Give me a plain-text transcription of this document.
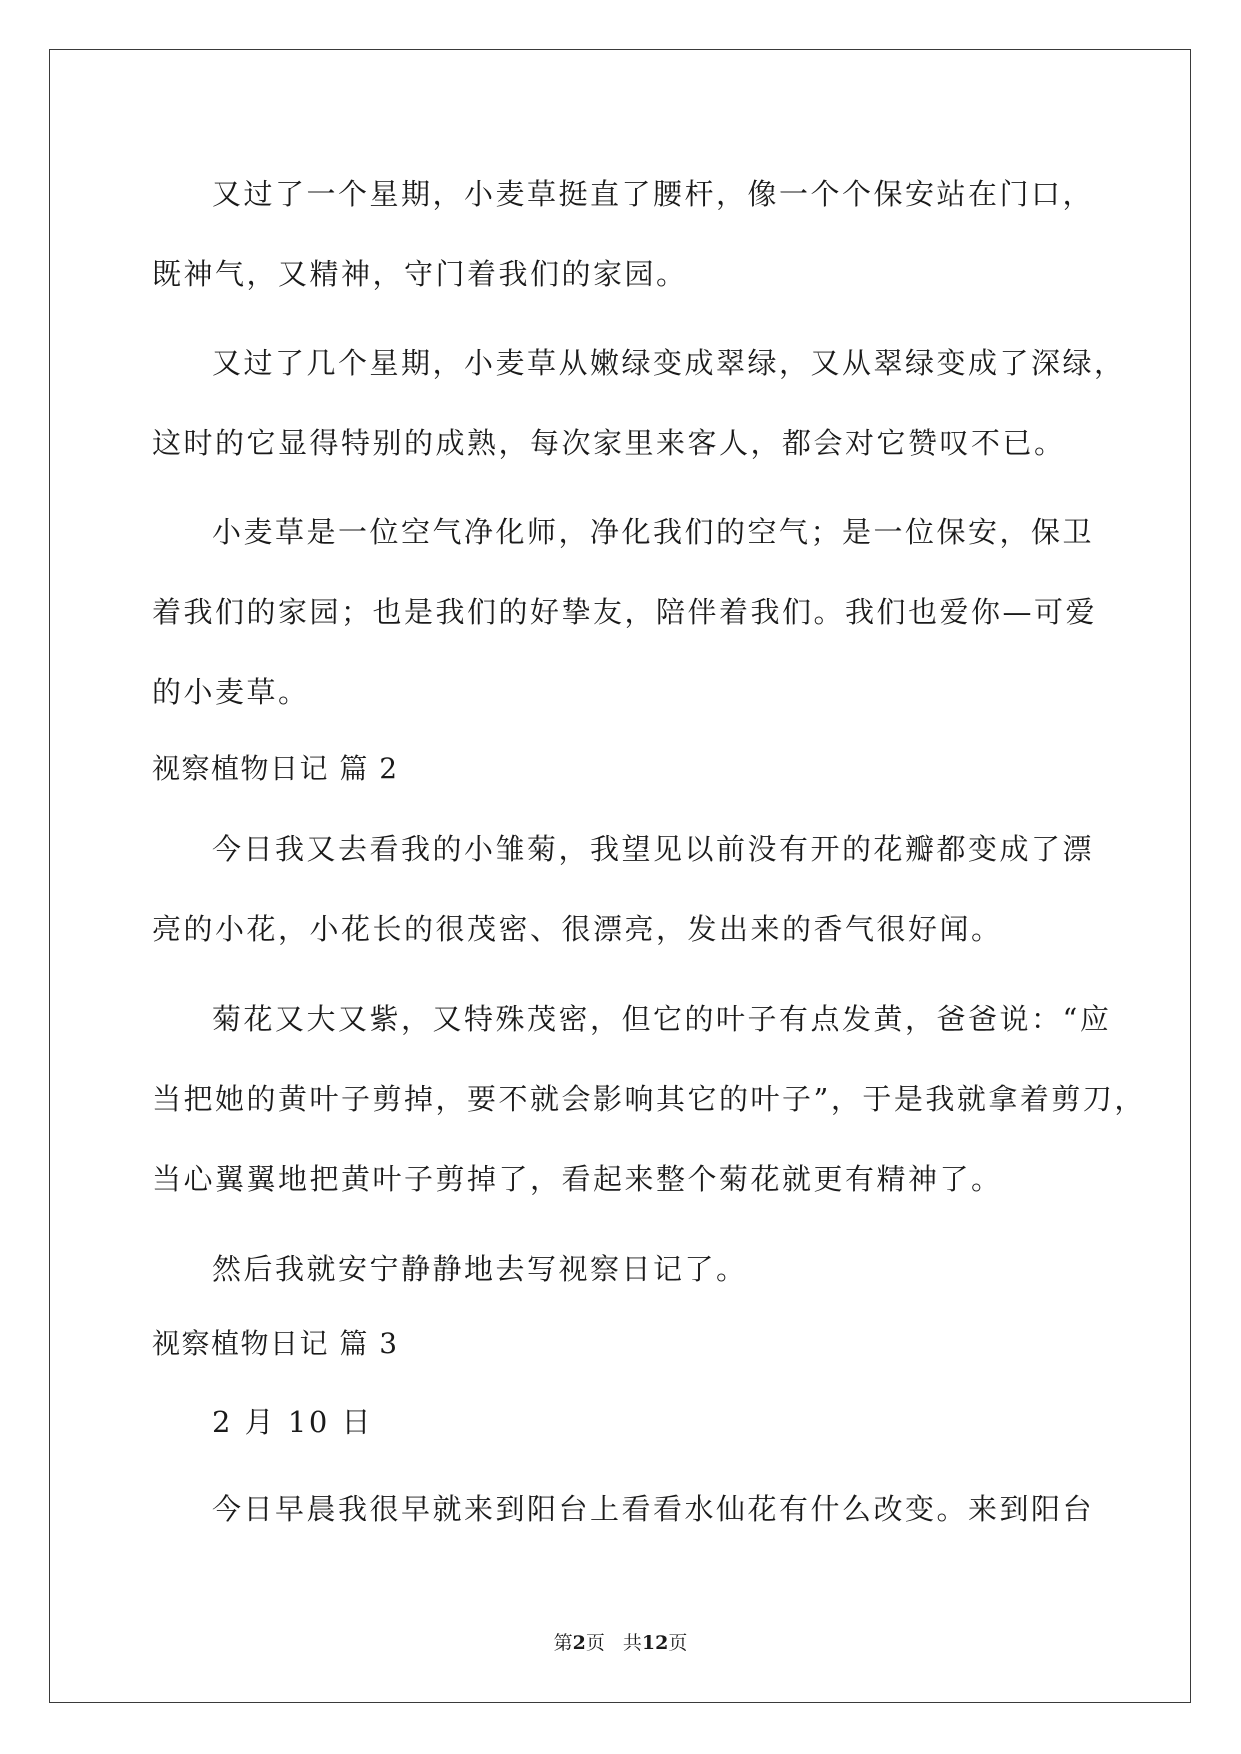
又过了一个星期，小麦草挺直了腰杆，像一个个保安站在门口，
既神气，又精神，守门着我们的家园。
又过了几个星期，小麦草从嫩绿变成翠绿，又从翠绿变成了深绿，
这时的它显得特别的成熟，每次家里来客人，都会对它赞叹不已。
小麦草是一位空气净化师，净化我们的空气；是一位保安，保卫
着我们的家园；也是我们的好挚友，陪伴着我们。我们也爱你—可爱
的小麦草。
视察植物日记 篇 2
今日我又去看我的小雏菊，我望见以前没有开的花瓣都变成了漂
亮的小花，小花长的很茂密、很漂亮，发出来的香气很好闻。
菊花又大又紫，又特殊茂密，但它的叶子有点发黄，爸爸说：“应
当把她的黄叶子剪掉，要不就会影响其它的叶子”，于是我就拿着剪刀，
当心翼翼地把黄叶子剪掉了，看起来整个菊花就更有精神了。
然后我就安宁静静地去写视察日记了。
视察植物日记 篇 3
2 月 10 日
今日早晨我很早就来到阳台上看看水仙花有什么改变。来到阳台
第2页 共12页
